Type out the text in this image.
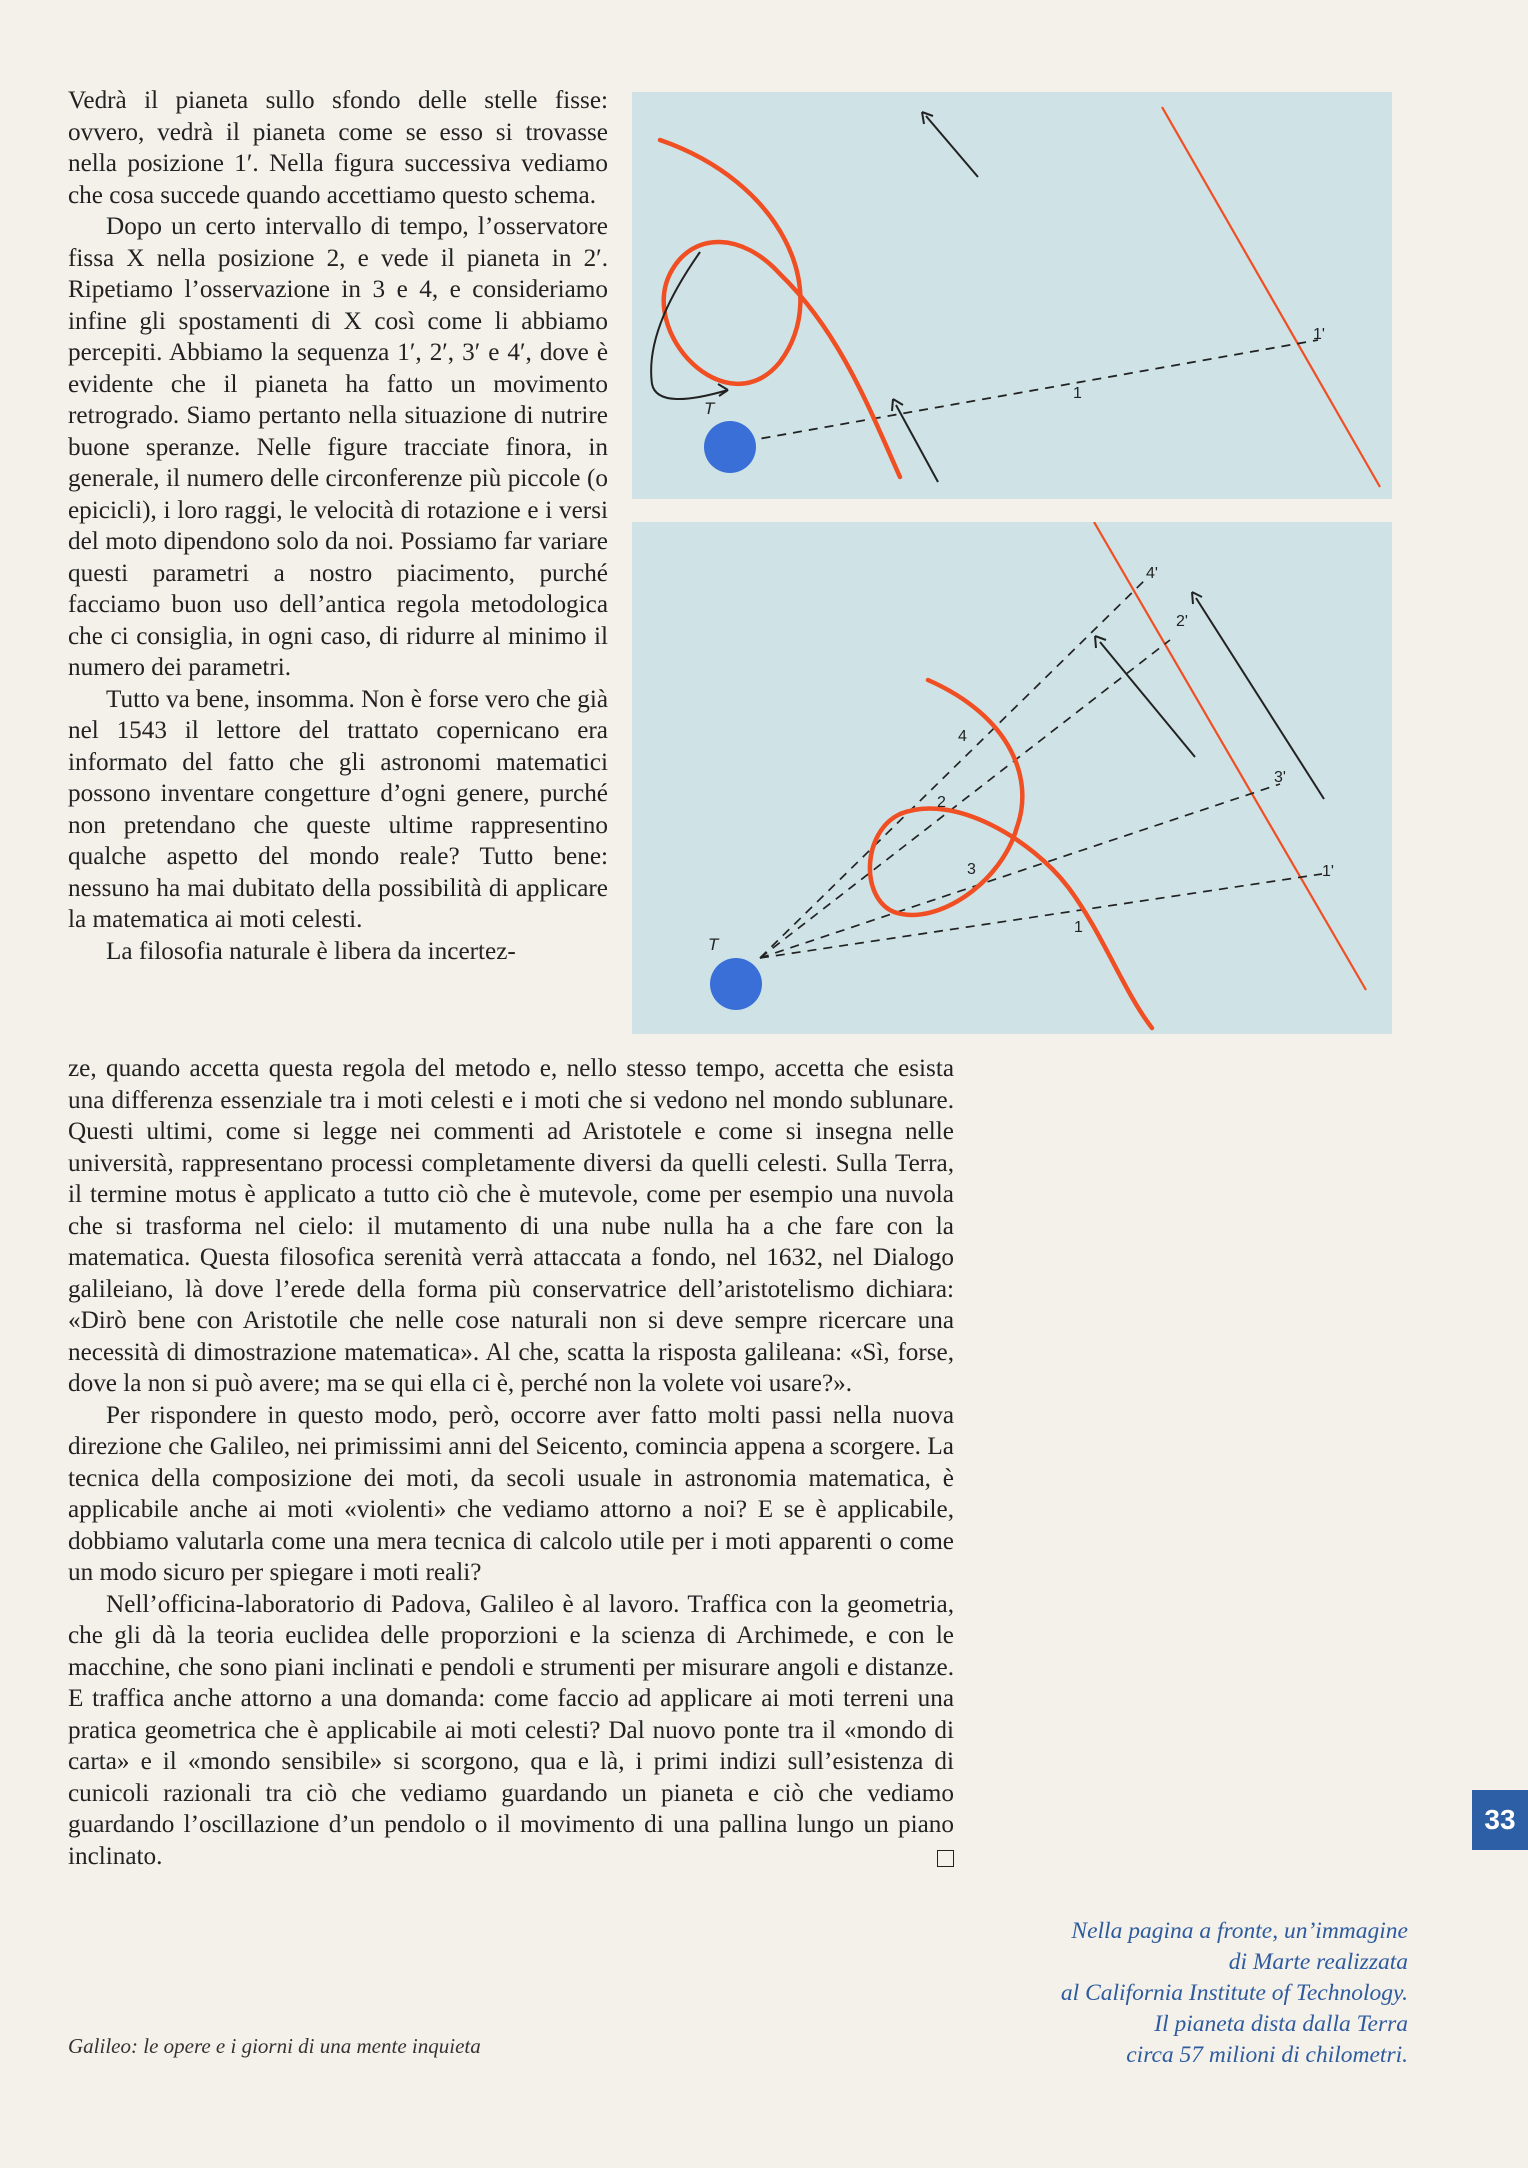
Vedrà il pianeta sullo sfondo delle stelle fisse: ovvero, vedrà il pianeta come se esso si trovasse nella posizione 1′. Nella figura successiva vediamo che cosa succede quando accettiamo questo schema.

Dopo un certo intervallo di tempo, l’osservatore fissa X nella posizione 2, e vede il pianeta in 2′. Ripetiamo l’osservazione in 3 e 4, e consideriamo infine gli spostamenti di X così come li abbiamo percepiti. Abbiamo la sequenza 1′, 2′, 3′ e 4′, dove è evidente che il pianeta ha fatto un movimento retrogrado. Siamo pertanto nella situazione di nutrire buone speranze. Nelle figure tracciate finora, in generale, il numero delle circonferenze più piccole (o epicicli), i loro raggi, le velocità di rotazione e i versi del moto dipendono solo da noi. Possiamo far variare questi parametri a nostro piacimento, purché facciamo buon uso dell’antica regola metodologica che ci consiglia, in ogni caso, di ridurre al minimo il numero dei parametri.

Tutto va bene, insomma. Non è forse vero che già nel 1543 il lettore del trattato copernicano era informato del fatto che gli astronomi matematici possono inventare congetture d’ogni genere, purché non pretendano che queste ultime rappresentino qualche aspetto del mondo reale? Tutto bene: nessuno ha mai dubitato della possibilità di applicare la matematica ai moti celesti.

La filosofia naturale è libera da incertez-

T
1
1'
T
1
2
3
4
1'
2'
3'
4'

ze, quando accetta questa regola del metodo e, nello stesso tempo, accetta che esista una differenza essenziale tra i moti celesti e i moti che si vedono nel mondo sublunare. Questi ultimi, come si legge nei commenti ad Aristotele e come si insegna nelle università, rappresentano processi completamente diversi da quelli celesti. Sulla Terra, il termine motus è applicato a tutto ciò che è mutevole, come per esempio una nuvola che si trasforma nel cielo: il mutamento di una nube nulla ha a che fare con la matematica. Questa filosofica serenità verrà attaccata a fondo, nel 1632, nel Dialogo galileiano, là dove l’erede della forma più conservatrice dell’aristotelismo dichiara: «Dirò bene con Aristotile che nelle cose naturali non si deve sempre ricercare una necessità di dimostrazione matematica». Al che, scatta la risposta galileana: «Sì, forse, dove la non si può avere; ma se qui ella ci è, perché non la volete voi usare?».

Per rispondere in questo modo, però, occorre aver fatto molti passi nella nuova direzione che Galileo, nei primissimi anni del Seicento, comincia appena a scorgere. La tecnica della composizione dei moti, da secoli usuale in astronomia matematica, è applicabile anche ai moti «violenti» che vediamo attorno a noi? E se è applicabile, dobbiamo valutarla come una mera tecnica di calcolo utile per i moti apparenti o come un modo sicuro per spiegare i moti reali?

Nell’officina-laboratorio di Padova, Galileo è al lavoro. Traffica con la geometria, che gli dà la teoria euclidea delle proporzioni e la scienza di Archimede, e con le macchine, che sono piani inclinati e pendoli e strumenti per misurare angoli e distanze. E traffica anche attorno a una domanda: come faccio ad applicare ai moti terreni una pratica geometrica che è applicabile ai moti celesti? Dal nuovo ponte tra il «mondo di carta» e il «mondo sensibile» si scorgono, qua e là, i primi indizi sull’esistenza di cunicoli razionali tra ciò che vediamo guardando un pianeta e ciò che vediamo guardando l’oscillazione d’un pendolo o il movimento di una pallina lungo un piano inclinato.

33
Nella pagina a fronte, un’immagine
di Marte realizzata
al California Institute of Technology.
Il pianeta dista dalla Terra
circa 57 milioni di chilometri.
Galileo: le opere e i giorni di una mente inquieta
